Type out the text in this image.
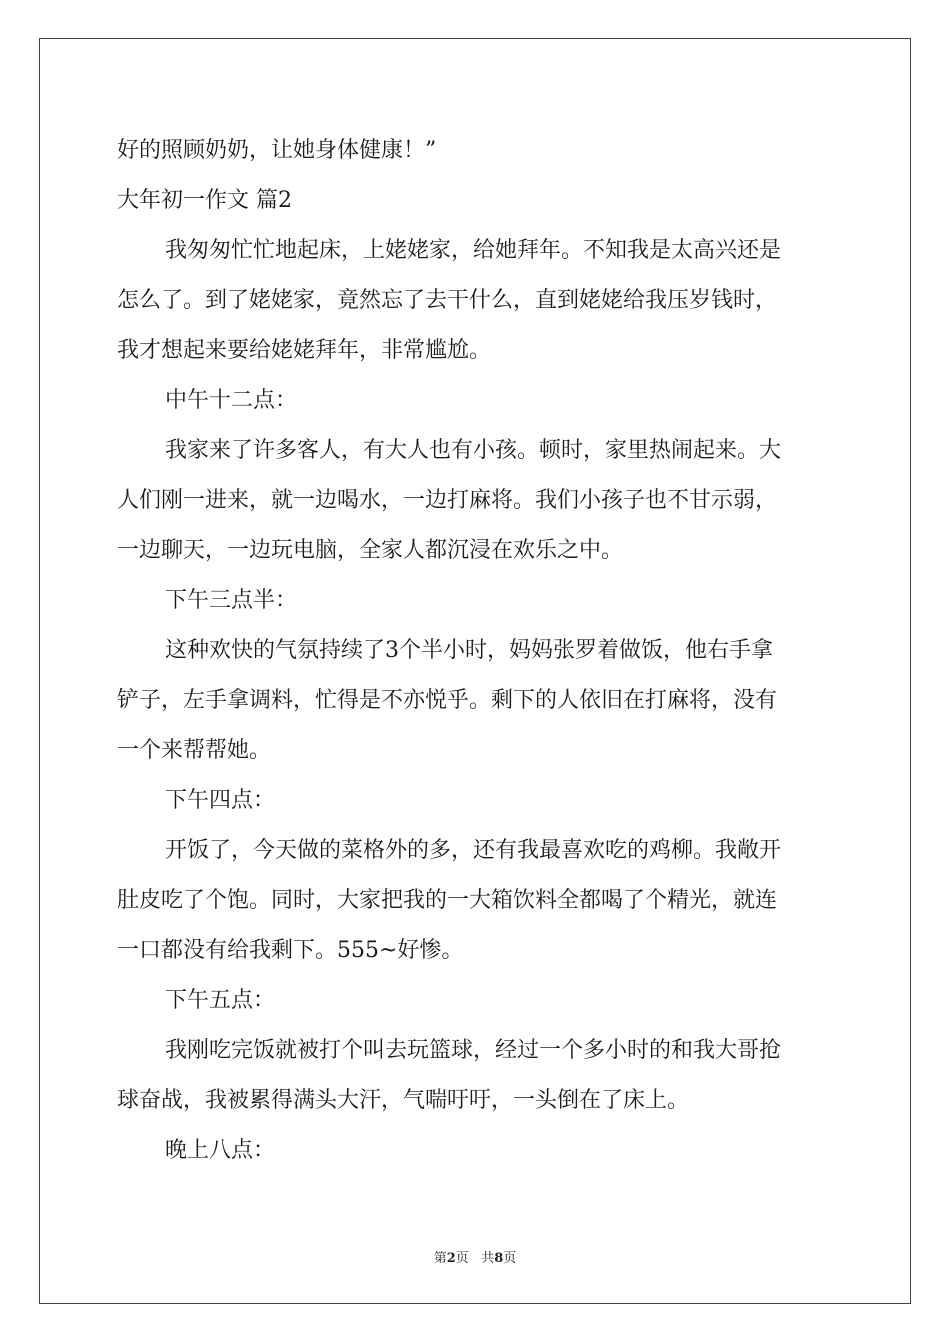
好的照顾奶奶，让她身体健康！”
大年初一作文 篇2
我匆匆忙忙地起床，上姥姥家，给她拜年。不知我是太高兴还是
怎么了。到了姥姥家，竟然忘了去干什么，直到姥姥给我压岁钱时，
我才想起来要给姥姥拜年，非常尴尬。
中午十二点：
我家来了许多客人，有大人也有小孩。顿时，家里热闹起来。大
人们刚一进来，就一边喝水，一边打麻将。我们小孩子也不甘示弱，
一边聊天，一边玩电脑，全家人都沉浸在欢乐之中。
下午三点半：
这种欢快的气氛持续了3个半小时，妈妈张罗着做饭，他右手拿
铲子，左手拿调料，忙得是不亦悦乎。剩下的人依旧在打麻将，没有
一个来帮帮她。
下午四点：
开饭了，今天做的菜格外的多，还有我最喜欢吃的鸡柳。我敞开
肚皮吃了个饱。同时，大家把我的一大箱饮料全都喝了个精光，就连
一口都没有给我剩下。555~好惨。
下午五点：
我刚吃完饭就被打个叫去玩篮球，经过一个多小时的和我大哥抢
球奋战，我被累得满头大汗，气喘吁吁，一头倒在了床上。
晚上八点：
第2页 共8页
